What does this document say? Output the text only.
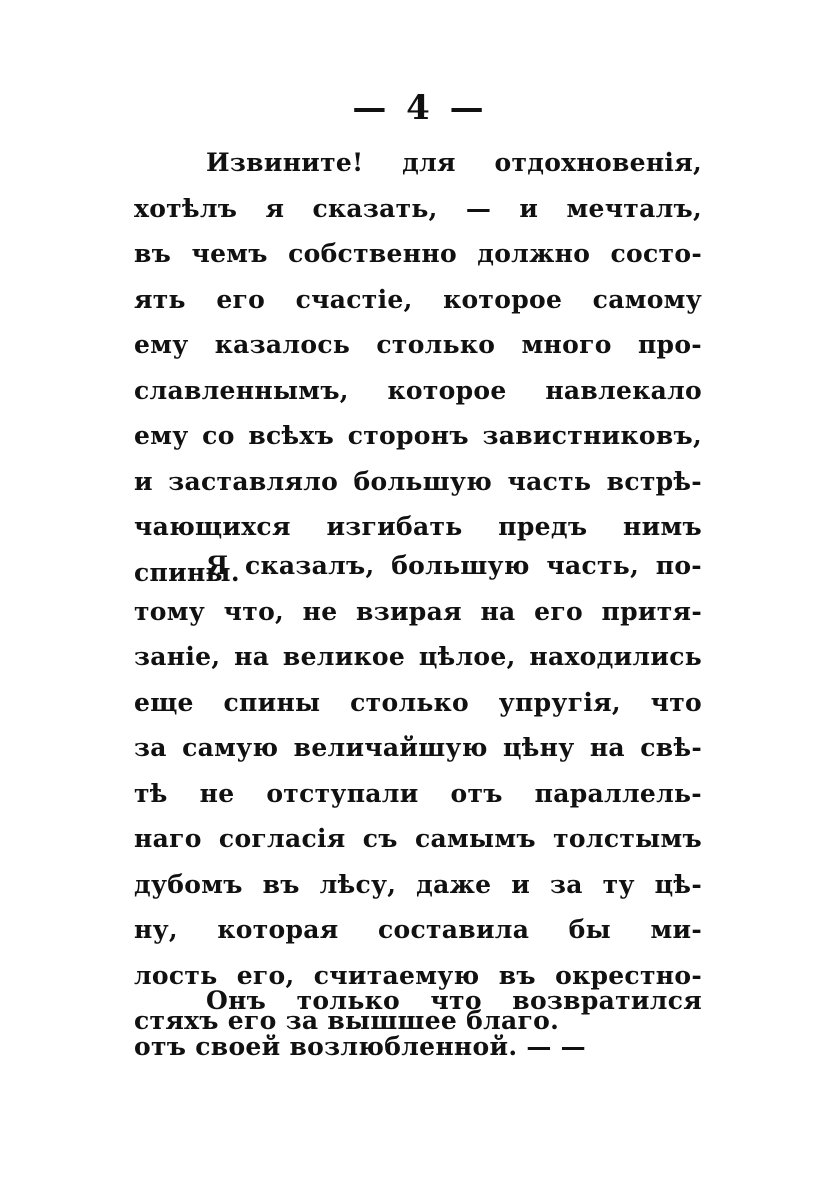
— 4 —
Извините! для отдохновенія,
хотѣлъ я сказать, — и мечталъ,
въ чемъ собственно должно состо-
ять его счастіе, которое самому
ему казалось столько много про-
славленнымъ, которое навлекало
ему со всѣхъ сторонъ завистниковъ,
и заставляло большую часть встрѣ-
чающихся изгибать предъ нимъ
спины.
Я сказалъ, большую часть, по-
тому что, не взирая на его притя-
заніе, на великое цѣлое, находились
еще спины столько упругія, что
за самую величайшую цѣну на свѣ-
тѣ не отступали отъ параллель-
наго согласія съ самымъ толстымъ
дубомъ въ лѣсу, даже и за ту цѣ-
ну, которая составила бы ми-
лость его, считаемую въ окрестно-
стяхъ его за вышшее благо.
Онъ только что возвратился
отъ своей возлюбленной. — —
